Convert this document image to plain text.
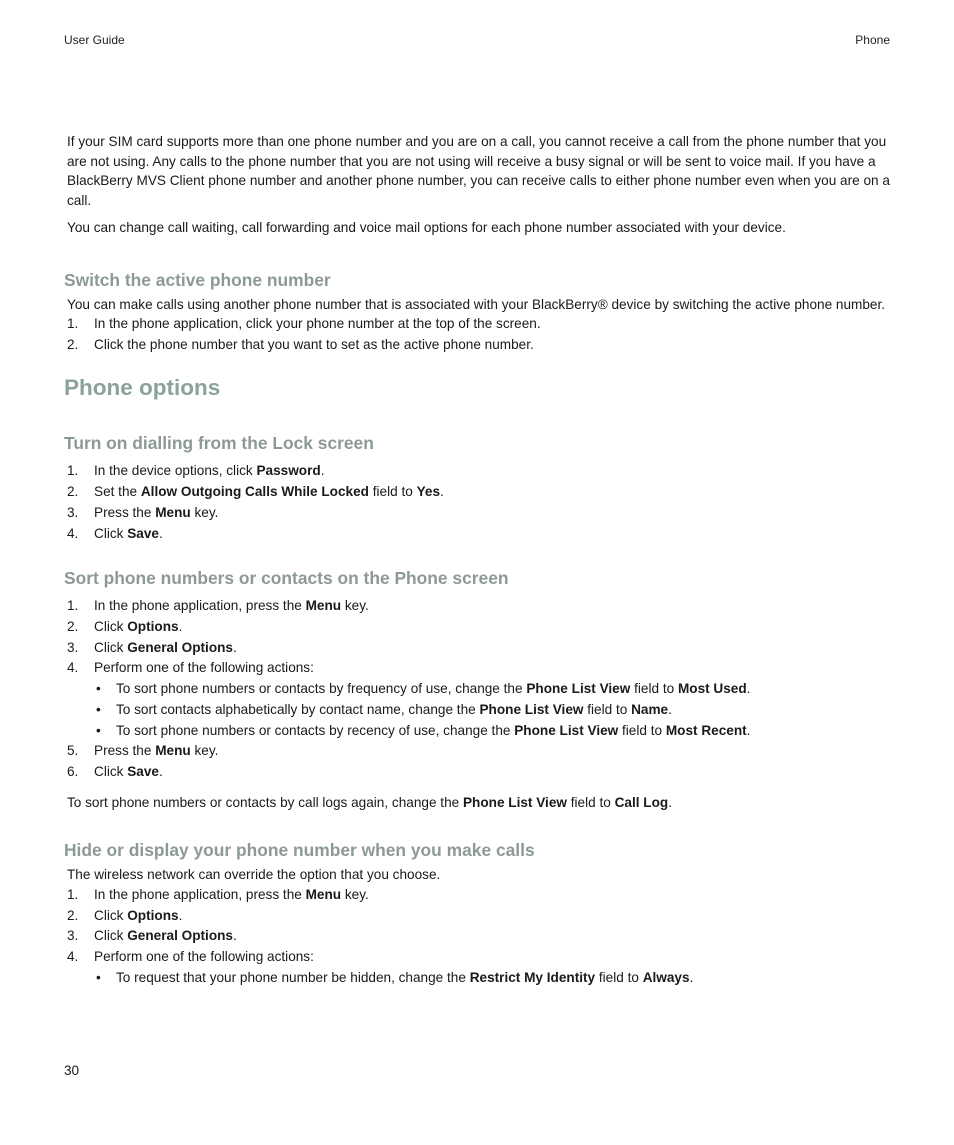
User Guide	Phone

If your SIM card supports more than one phone number and you are on a call, you cannot receive a call from the phone number that you are not using. Any calls to the phone number that you are not using will receive a busy signal or will be sent to voice mail. If you have a BlackBerry MVS Client phone number and another phone number, you can receive calls to either phone number even when you are on a call.

You can change call waiting, call forwarding and voice mail options for each phone number associated with your device.

Switch the active phone number

You can make calls using another phone number that is associated with your BlackBerry® device by switching the active phone number.

1. In the phone application, click your phone number at the top of the screen.
2. Click the phone number that you want to set as the active phone number.
Phone options
Turn on dialling from the Lock screen
1. In the device options, click Password.
2. Set the Allow Outgoing Calls While Locked field to Yes.
3. Press the Menu key.
4. Click Save.
Sort phone numbers or contacts on the Phone screen
1. In the phone application, press the Menu key.
2. Click Options.
3. Click General Options.
4. Perform one of the following actions:
• To sort phone numbers or contacts by frequency of use, change the Phone List View field to Most Used.
• To sort contacts alphabetically by contact name, change the Phone List View field to Name.
• To sort phone numbers or contacts by recency of use, change the Phone List View field to Most Recent.
5. Press the Menu key.
6. Click Save.

To sort phone numbers or contacts by call logs again, change the Phone List View field to Call Log.

Hide or display your phone number when you make calls

The wireless network can override the option that you choose.

1. In the phone application, press the Menu key.
2. Click Options.
3. Click General Options.
4. Perform one of the following actions:
• To request that your phone number be hidden, change the Restrict My Identity field to Always.
30
